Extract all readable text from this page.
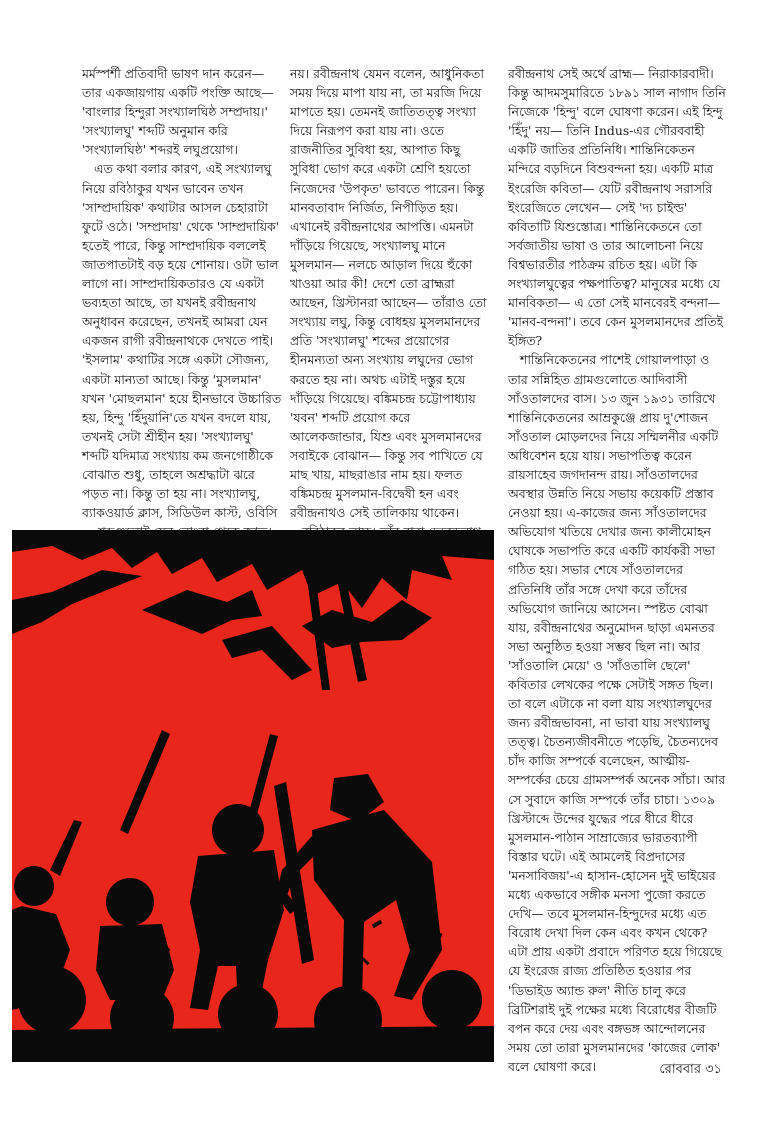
মর্মস্পর্শী প্রতিবাদী ভাষণ দান করেন— তার একজায়গায় একটি পংক্তি আছে— 'বাংলার হিন্দুরা সংখ্যালঘিষ্ঠ সম্প্রদায়।' 'সংখ্যালঘু' শব্দটি অনুমান করি 'সংখ্যালঘিষ্ঠ' শব্দরই লঘুপ্রয়োগ।

এত কথা বলার কারণ, এই সংখ্যালঘু নিয়ে রবিঠাকুর যখন ভাবেন তখন 'সাম্প্রদায়িক' কথাটার আসল চেহারাটা ফুটে ওঠে। 'সম্প্রদায়' থেকে 'সাম্প্রদায়িক' হতেই পারে, কিন্তু সাম্প্রদায়িক বললেই জাতপাতটাই বড় হয়ে শোনায়। ওটা ভাল লাগে না। সাম্প্রদায়িকতারও যে একটা ভব্যহতা আছে, তা যখনই রবীন্দ্রনাথ অনুধাবন করেছেন, তখনই আমরা যেন একজন রাগী রবীন্দ্রনাথকে দেখতে পাই। 'ইসলাম' কথাটির সঙ্গে একটা সৌজন্য, একটা মান্যতা আছে। কিন্তু 'মুসলমান' যখন 'মোছলমান' হয়ে হীনভাবে উচ্চারিত হয়, হিন্দু 'হিঁদুয়ানি'তে যখন বদলে যায়, তখনই সেটা শ্রীহীন হয়। 'সংখ্যালঘু' শব্দটি যদিমাত্র সংখ্যায় কম জনগোষ্ঠীকে বোঝাত শুধু, তাহলে অশ্রদ্ধাটা ঝরে পড়ত না। কিন্তু তা হয় না। সংখ্যালঘু, ব্যাকওয়ার্ড ক্লাস, সিডিউল কাস্ট, ওবিসি

নয়। রবীন্দ্রনাথ যেমন বলেন, আধুনিকতা সময় দিয়ে মাপা যায় না, তা মরজি দিয়ে মাপতে হয়। তেমনই জাতিতত্ত্ব সংখ্যা দিয়ে নিরূপণ করা যায় না। ওতে রাজনীতির সুবিধা হয়, আপাত কিছু সুবিধা ভোগ করে একটা শ্রেণি হয়তো নিজেদের 'উপকৃত' ভাবতে পারেন। কিন্তু মানবতাবাদ নির্জিত, নিপীড়িত হয়। এখানেই রবীন্দ্রনাথের আপত্তি। এমনটা দাঁড়িয়ে গিয়েছে, সংখ্যালঘু মানে মুসলমান— নলচে আড়াল দিয়ে হুঁকো খাওয়া আর কী! দেশে তো ব্রাহ্মরা আছেন, খ্রিস্টানরা আছেন— তাঁরাও তো সংখ্যায় লঘু, কিন্তু বোধহয় মুসলমানদের প্রতি 'সংখ্যালঘু' শব্দের প্রয়োগের হীনমন্যতা অন্য সংখ্যায় লঘুদের ভোগ করতে হয় না। অথচ এটাই দস্তুর হয়ে দাঁড়িয়ে গিয়েছে। বঙ্কিমচন্দ্র চট্টোপাধ্যায় 'যবন' শব্দটি প্রয়োগ করে আলেকজান্ডার, যিশু এবং মুসলমানদের সবাইকে বোঝান— কিন্তু সব পাখিতে যে মাছ খায়, মাছরাঙার নাম হয়। ফলত বঙ্কিমচন্দ্র মুসলমান-বিদ্বেষী হন এবং রবীন্দ্রনাথও সেই তালিকায় থাকেন।

রবীন্দ্রনাথ সেই অর্থে ব্রাহ্ম— নিরাকারবাদী। কিন্তু আদমসুমারিতে ১৮৯১ সাল নাগাদ তিনি নিজেকে 'হিন্দু' বলে ঘোষণা করেন। এই হিন্দু 'হিঁদু' নয়— তিনি Indus-এর গৌরববাহী একটি জাতির প্রতিনিধি। শান্তিনিকেতন মন্দিরে বড়দিনে বিশুবন্দনা হয়। একটি মাত্র ইংরেজি কবিতা— যেটি রবীন্দ্রনাথ সরাসরি ইংরেজিতে লেখেন— সেই 'দ্য চাইল্ড' কবিতাটি যিশুস্তোত্র। শান্তিনিকেতনে তো সর্বজাতীয় ভাষা ও তার আলোচনা নিয়ে বিশ্বভারতীর পাঠক্রম রচিত হয়। এটা কি সংখ্যালঘুত্বের পক্ষপাতিত্ব? মানুষের মধ্যে যে মানবিকতা— এ তো সেই মানবেরই বন্দনা— 'মানব-বন্দনা'। তবে কেন মুসলমানদের প্রতিই ইঙ্গিত?

শান্তিনিকেতনের পাশেই গোয়ালপাড়া ও তার সন্নিহিত গ্রামগুলোতে আদিবাসী সাঁওতালদের বাস। ১৩ জুন ১৯৩১ তারিখে শান্তিনিকেতনের আম্রকুঞ্জে প্রায় দু'শোজন সাঁওতাল মোড়লদের নিয়ে সম্মিলনীর একটি অধিবেশন হয়ে যায়। সভাপতিত্ব করেন রায়সাহেব জগদানন্দ রায়। সাঁওতালদের অবস্থার উন্নতি নিয়ে সভায় কয়েকটি প্রস্তাব নেওয়া হয়। এ-কাজের জন্য সাঁওতালদের অভিযোগ খতিয়ে দেখার জন্য কালীমোহন ঘোষকে সভাপতি করে একটি কার্যকরী সভা গঠিত হয়। সভার শেষে সাঁওতালদের প্রতিনিধি তাঁর সঙ্গে দেখা করে তাঁদের অভিযোগ জানিয়ে আসেন। স্পষ্টত বোঝা যায়, রবীন্দ্রনাথের অনুমোদন ছাড়া এমনতর সভা অনুষ্ঠিত হওয়া সম্ভব ছিল না। আর 'সাঁওতালি মেয়ে' ও 'সাঁওতালি ছেলে' কবিতার লেখকের পক্ষে সেটাই সঙ্গত ছিল। তা বলে এটাকে না বলা যায় সংখ্যালঘুদের জন্য রবীন্দ্রভাবনা, না ভাবা যায় সংখ্যালঘু তত্ত্ব। চৈতন্যজীবনীতে পড়েছি, চৈতন্যদেব চাঁদ কাজি সম্পর্কে বলেছেন, আত্মীয়-সম্পর্কের চেয়ে গ্রামসম্পর্ক অনেক সাঁচা। আর সে সুবাদে কাজি সম্পর্কে তাঁর চাচা। ১৩০৯ খ্রিস্টাব্দে উন্দের যুদ্ধের পরে ধীরে ধীরে মুসলমান-পাঠান সাম্রাজ্যের ভারতব্যাপী বিস্তার ঘটে। এই আমলেই বিপ্রদাসের 'মনসাবিজয়'-এ হাসান-হোসেন দুই ভাইয়ের মধ্যে একভাবে সঙ্গীক মনসা পুজো করতে দেখি— তবে মুসলমান-হিন্দুদের মধ্যে এত বিরোধ দেখা দিল কেন এবং কখন থেকে? এটা প্রায় একটা প্রবাদে পরিণত হয়ে গিয়েছে যে ইংরেজ রাজ্য প্রতিষ্ঠিত হওয়ার পর 'ডিভাইড অ্যান্ড রুল' নীতি চালু করে ব্রিটিশরাই দুই পক্ষের মধ্যে বিরোধের বীজটি বপন করে দেয় এবং বঙ্গভঙ্গ আন্দোলনের সময় তো তারা মুসলমানদের 'কাজের লোক' বলে ঘোষণা করে।	রোববার ৩১
